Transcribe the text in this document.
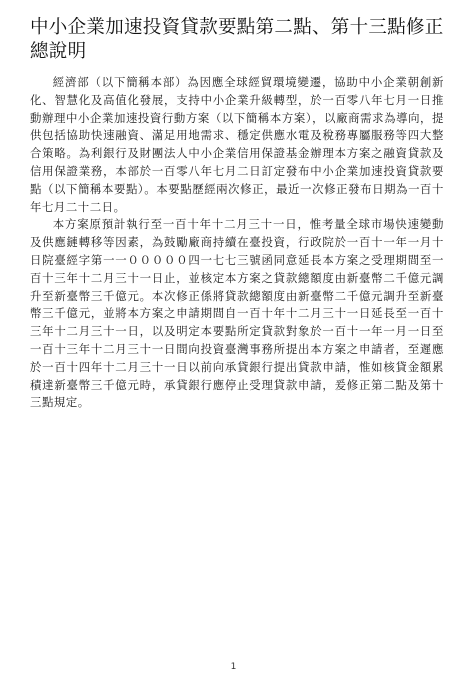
中小企業加速投資貸款要點第二點、第十三點修正總說明

經濟部（以下簡稱本部）為因應全球經貿環境變遷，協助中小企業朝創新化、智慧化及高值化發展，支持中小企業升級轉型，於一百零八年七月一日推動辦理中小企業加速投資行動方案（以下簡稱本方案），以廠商需求為導向，提供包括協助快速融資、滿足用地需求、穩定供應水電及稅務專屬服務等四大整合策略。為利銀行及財團法人中小企業信用保證基金辦理本方案之融資貸款及信用保證業務，本部於一百零八年七月二日訂定發布中小企業加速投資貸款要點（以下簡稱本要點）。本要點歷經兩次修正，最近一次修正發布日期為一百十年七月二十二日。

本方案原預計執行至一百十年十二月三十一日，惟考量全球市場快速變動及供應鏈轉移等因素，為鼓勵廠商持續在臺投資，行政院於一百十一年一月十日院臺經字第一一０００００四一七七三號函同意延長本方案之受理期間至一百十三年十二月三十一日止，並核定本方案之貸款總額度由新臺幣二千億元調升至新臺幣三千億元。本次修正係將貸款總額度由新臺幣二千億元調升至新臺幣三千億元，並將本方案之申請期間自一百十年十二月三十一日延長至一百十三年十二月三十一日，以及明定本要點所定貸款對象於一百十一年一月一日至一百十三年十二月三十一日間向投資臺灣事務所提出本方案之申請者，至遲應於一百十四年十二月三十一日以前向承貸銀行提出貸款申請，惟如核貸金額累積達新臺幣三千億元時，承貸銀行應停止受理貸款申請，爰修正第二點及第十三點規定。

1
